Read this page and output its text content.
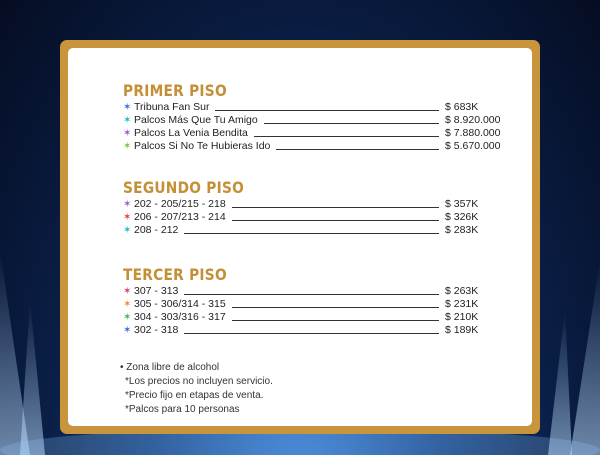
PRIMER PISO
✶ Tribuna Fan Sur	$ 683K
✶ Palcos Más Que Tu Amigo	$ 8.920.000
✶ Palcos La Venia Bendita	$ 7.880.000
✶ Palcos Si No Te Hubieras Ido	$ 5.670.000
SEGUNDO PISO
✶ 202 - 205/215 - 218	$ 357K
✶ 206 - 207/213 - 214	$ 326K
✶ 208 - 212	$ 283K
TERCER PISO
✶ 307 - 313	$ 263K
✶ 305 - 306/314 - 315	$ 231K
✶ 304 - 303/316 - 317	$ 210K
✶ 302 - 318	$ 189K
• Zona libre de alcohol
*Los precios no incluyen servicio.
*Precio fijo en etapas de venta.
*Palcos para 10 personas
